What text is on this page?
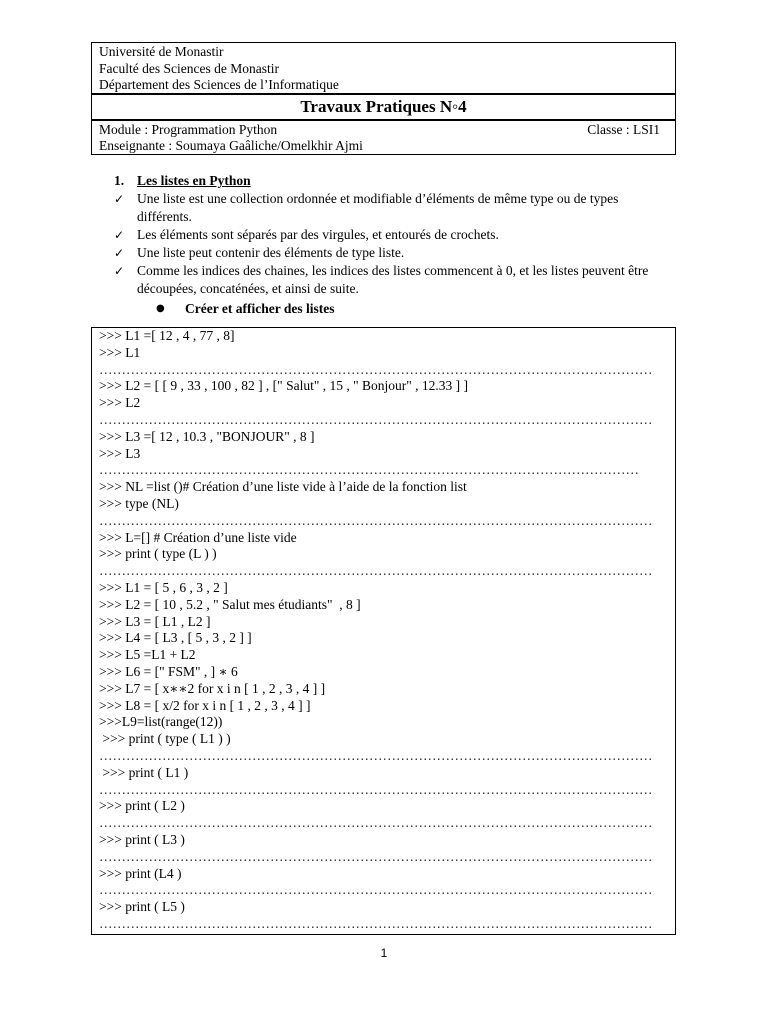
Université de Monastir
Faculté des Sciences de Monastir
Département des Sciences de l’Informatique
Travaux Pratiques N◦4
Module : Programmation Python	Classe : LSI1
Enseignante : Soumaya Gaâliche/Omelkhir Ajmi
1. Les listes en Python
✓ Une liste est une collection ordonnée et modifiable d’éléments de même type ou de types différents.
✓ Les éléments sont séparés par des virgules, et entourés de crochets.
✓ Une liste peut contenir des éléments de type liste.
✓ Comme les indices des chaines, les indices des listes commencent à 0, et les listes peuvent être découpées, concaténées, et ainsi de suite.
● Créer et afficher des listes
>>> L1 =[ 12 , 4 , 77 , 8]
>>> L1
……………………………………………………………………………………………………………
>>> L2 = [ [ 9 , 33 , 100 , 82 ] , [" Salut" , 15 , " Bonjour" , 12.33 ] ]
>>> L2
……………………………………………………………………………………………………………
>>> L3 =[ 12 , 10.3 , "BONJOUR" , 8 ]
>>> L3
…………………………………………………………………………………………………………
>>> NL =list ()# Création d’une liste vide à l’aide de la fonction list
>>> type (NL)
……………………………………………………………………………………………………………
>>> L=[] # Création d’une liste vide
>>> print ( type (L ) )
……………………………………………………………………………………………………………
>>> L1 = [ 5 , 6 , 3 , 2 ]
>>> L2 = [ 10 , 5.2 , " Salut mes étudiants"  , 8 ]
>>> L3 = [ L1 , L2 ]
>>> L4 = [ L3 , [ 5 , 3 , 2 ] ]
>>> L5 =L1 + L2
>>> L6 = [" FSM" , ] ∗ 6
>>> L7 = [ x∗∗2 for x i n [ 1 , 2 , 3 , 4 ] ]
>>> L8 = [ x/2 for x i n [ 1 , 2 , 3 , 4 ] ]
>>>L9=list(range(12))
>>> print ( type ( L1 ) )
……………………………………………………………………………………………………………
>>> print ( L1 )
……………………………………………………………………………………………………………
>>> print ( L2 )
……………………………………………………………………………………………………………
>>> print ( L3 )
……………………………………………………………………………………………………………
>>> print (L4 )
……………………………………………………………………………………………………………
>>> print ( L5 )
……………………………………………………………………………………………………………
1
